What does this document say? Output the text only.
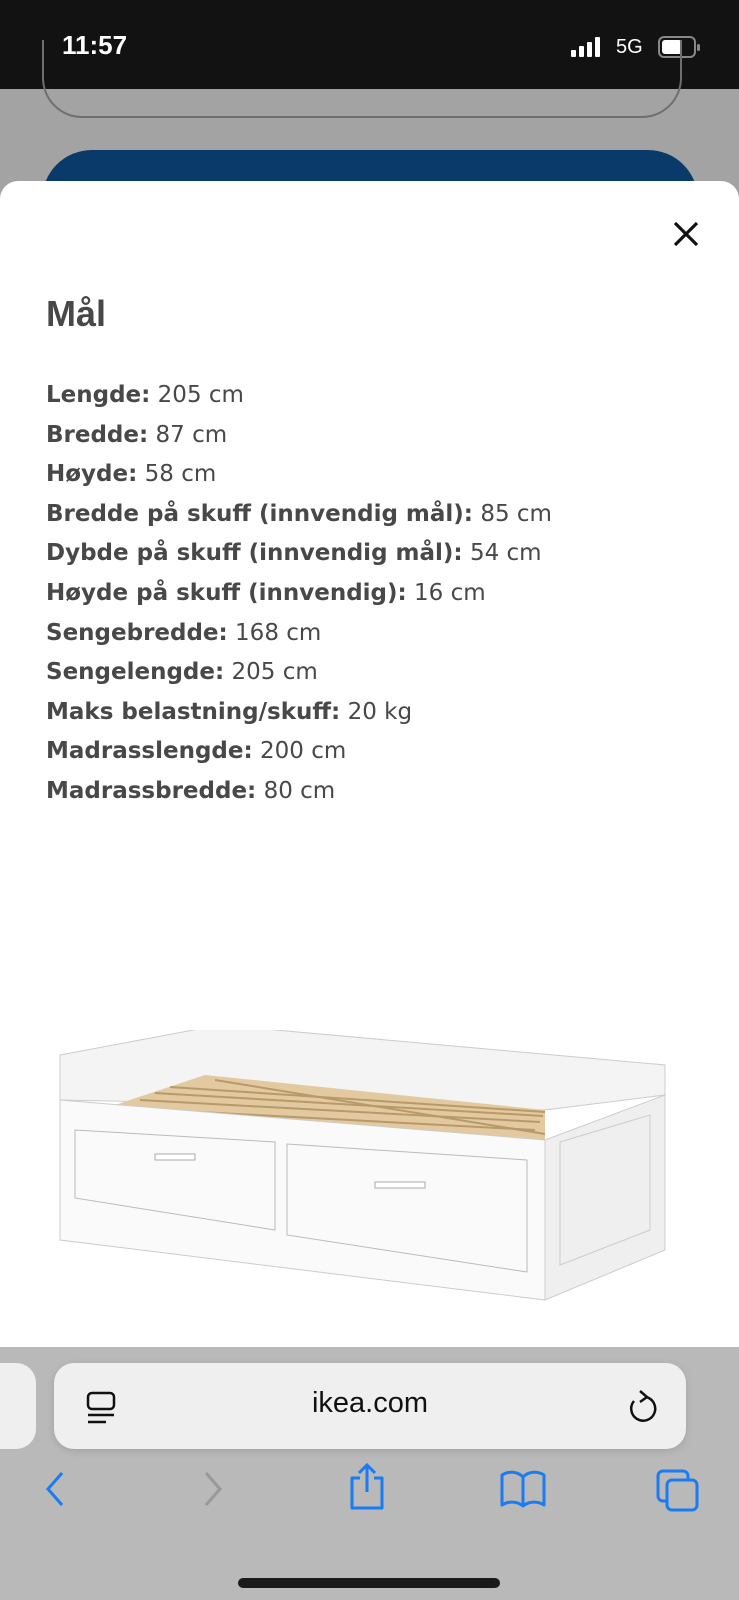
11:57	5G
Mål
Lengde: 205 cm
Bredde: 87 cm
Høyde: 58 cm
Bredde på skuff (innvendig mål): 85 cm
Dybde på skuff (innvendig mål): 54 cm
Høyde på skuff (innvendig): 16 cm
Sengebredde: 168 cm
Sengelengde: 205 cm
Maks belastning/skuff: 20 kg
Madrasslengde: 200 cm
Madrassbredde: 80 cm
ikea.com
